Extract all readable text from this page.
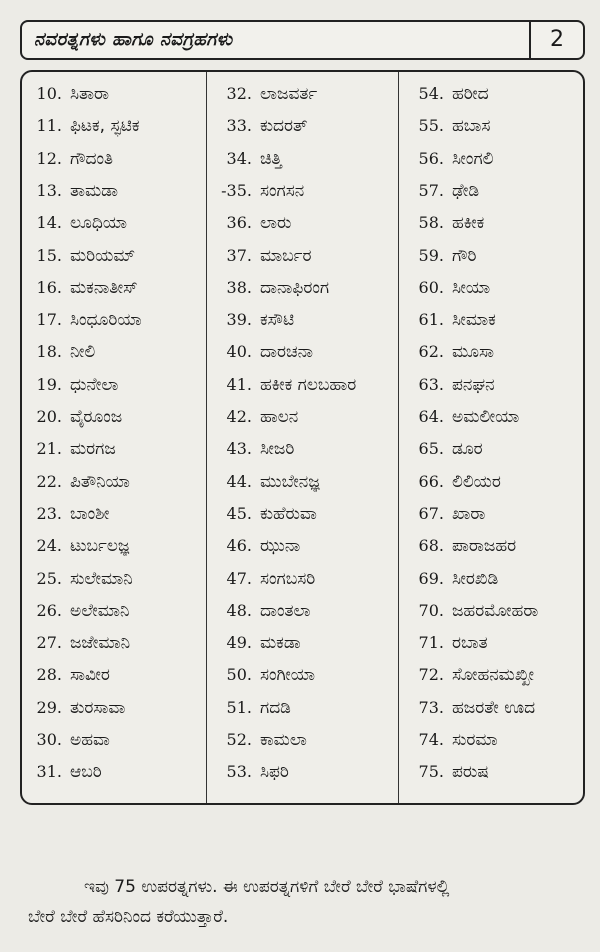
ನವರತ್ನಗಳು ಹಾಗೂ ನವಗ್ರಹಗಳು	2
10. ಸಿತಾರಾ
11. ಫಿಟಕ, ಸ್ಫಟಿಕ
12. ಗೌದಂತಿ
13. ತಾಮಡಾ
14. ಲೂಧಿಯಾ
15. ಮರಿಯಮ್
16. ಮಕನಾತೀಸ್
17. ಸಿಂಧೂರಿಯಾ
18. ನೀಲಿ
19. ಧುನೇಲಾ
20. ವೈರೂಂಜ
21. ಮರಗಜ
22. ಪಿತೌನಿಯಾ
23. ಬಾಂಶೀ
24. ಟುರ್ಬಲಜ್ಞ
25. ಸುಲೇಮಾನಿ
26. ಅಲೇಮಾನಿ
27. ಜಜೇಮಾನಿ
28. ಸಾವೀರ
29. ತುರಸಾವಾ
30. ಅಹವಾ
31. ಆಬರಿ
32. ಲಾಜವರ್ತ
33. ಕುದರತ್
34. ಚಿತ್ತಿ
-35. ಸಂಗಸನ
36. ಲಾರು
37. ಮಾರ್ಬರ
38. ದಾನಾಫಿರಂಗ
39. ಕಸೌಟಿ
40. ದಾರಚನಾ
41. ಹಕೀಕ ಗಲಬಹಾರ
42. ಹಾಲನ
43. ಸೀಜರಿ
44. ಮುಬೇನಜ್ಞ
45. ಕುಹೆರುವಾ
46. ಝುನಾ
47. ಸಂಗಬಸರಿ
48. ದಾಂತಲಾ
49. ಮಕಡಾ
50. ಸಂಗೀಯಾ
51. ಗದಡಿ
52. ಕಾಮಲಾ
53. ಸಿಫರಿ
54. ಹರೀದ
55. ಹಬಾಸ
56. ಸೀಂಗಲಿ
57. ಢೇಡಿ
58. ಹಕೀಕ
59. ಗೌರಿ
60. ಸೀಯಾ
61. ಸೀಮಾಕ
62. ಮೂಸಾ
63. ಪನಘನ
64. ಅಮಲೀಯಾ
65. ಡೂರ
66. ಲಿಲಿಯರ
67. ಖಾರಾ
68. ಪಾರಾಜಹರ
69. ಸೀರಖಿಡಿ
70. ಜಹರಮೋಹರಾ
71. ರಬಾತ
72. ಸೋಹನಮಖ್ಖೀ
73. ಹಜರತೇ ಊದ
74. ಸುರಮಾ
75. ಪರುಷ

ಇವು 75 ಉಪರತ್ನಗಳು. ಈ ಉಪರತ್ನಗಳಿಗೆ ಬೇರೆ ಬೇರೆ ಭಾಷೆಗಳಲ್ಲಿ

ಬೇರೆ ಬೇರೆ ಹೆಸರಿನಿಂದ ಕರೆಯುತ್ತಾರೆ.
